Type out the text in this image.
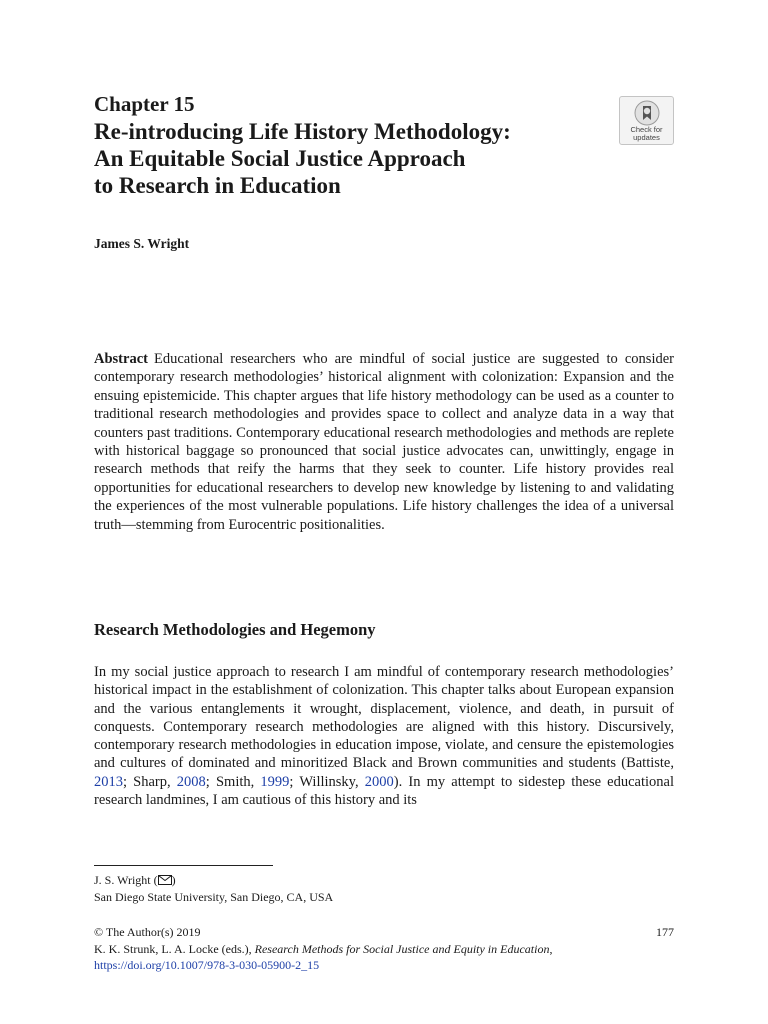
Chapter 15
Re-introducing Life History Methodology:
An Equitable Social Justice Approach
to Research in Education
Check for
updates
James S. Wright
Abstract Educational researchers who are mindful of social justice are suggested to consider contemporary research methodologies’ historical alignment with colonization: Expansion and the ensuing epistemicide. This chapter argues that life history methodology can be used as a counter to traditional research methodologies and provides space to collect and analyze data in a way that counters past traditions. Contemporary educational research methodologies and methods are replete with historical baggage so pronounced that social justice advocates can, unwittingly, engage in research methods that reify the harms that they seek to counter. Life history provides real opportunities for educational researchers to develop new knowledge by listening to and validating the experiences of the most vulnerable populations. Life history challenges the idea of a universal truth—stemming from Eurocentric positionalities.
Research Methodologies and Hegemony
In my social justice approach to research I am mindful of contemporary research methodologies’ historical impact in the establishment of colonization. This chapter talks about European expansion and the various entanglements it wrought, displacement, violence, and death, in pursuit of conquests. Contemporary research methodologies are aligned with this history. Discursively, contemporary research methodologies in education impose, violate, and censure the epistemologies and cultures of dominated and minoritized Black and Brown communities and students (Battiste, 2013; Sharp, 2008; Smith, 1999; Willinsky, 2000). In my attempt to sidestep these educational research landmines, I am cautious of this history and its
J. S. Wright ( )
San Diego State University, San Diego, CA, USA
© The Author(s) 2019
K. K. Strunk, L. A. Locke (eds.), Research Methods for Social Justice and Equity in Education, https://doi.org/10.1007/978-3-030-05900-2_15
177
